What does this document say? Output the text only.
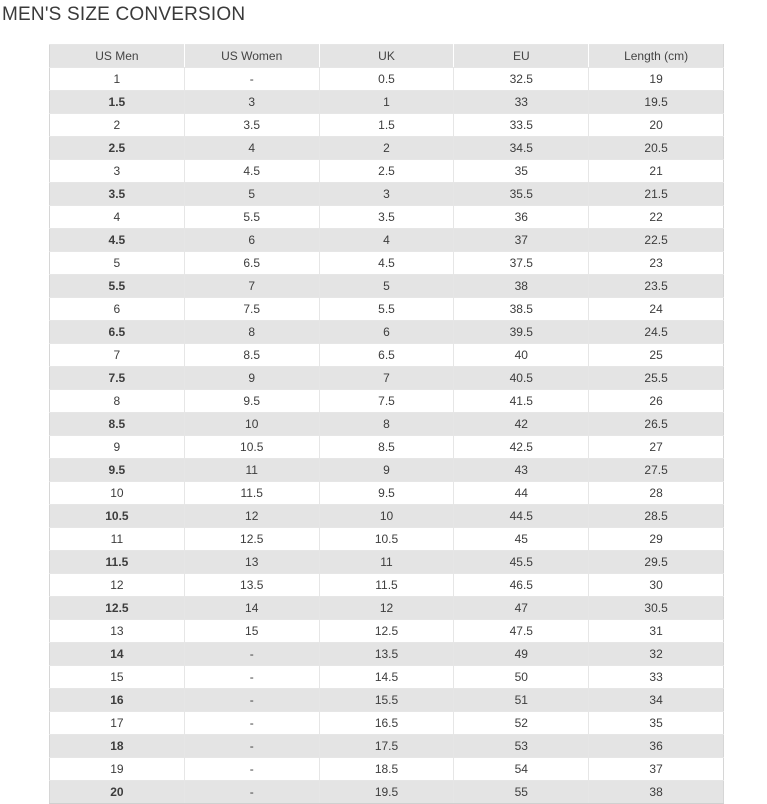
MEN'S SIZE CONVERSION
US Men	US Women	UK	EU	Length (cm)
1	-	0.5	32.5	19
1.5	3	1	33	19.5
2	3.5	1.5	33.5	20
2.5	4	2	34.5	20.5
3	4.5	2.5	35	21
3.5	5	3	35.5	21.5
4	5.5	3.5	36	22
4.5	6	4	37	22.5
5	6.5	4.5	37.5	23
5.5	7	5	38	23.5
6	7.5	5.5	38.5	24
6.5	8	6	39.5	24.5
7	8.5	6.5	40	25
7.5	9	7	40.5	25.5
8	9.5	7.5	41.5	26
8.5	10	8	42	26.5
9	10.5	8.5	42.5	27
9.5	11	9	43	27.5
10	11.5	9.5	44	28
10.5	12	10	44.5	28.5
11	12.5	10.5	45	29
11.5	13	11	45.5	29.5
12	13.5	11.5	46.5	30
12.5	14	12	47	30.5
13	15	12.5	47.5	31
14	-	13.5	49	32
15	-	14.5	50	33
16	-	15.5	51	34
17	-	16.5	52	35
18	-	17.5	53	36
19	-	18.5	54	37
20	-	19.5	55	38
